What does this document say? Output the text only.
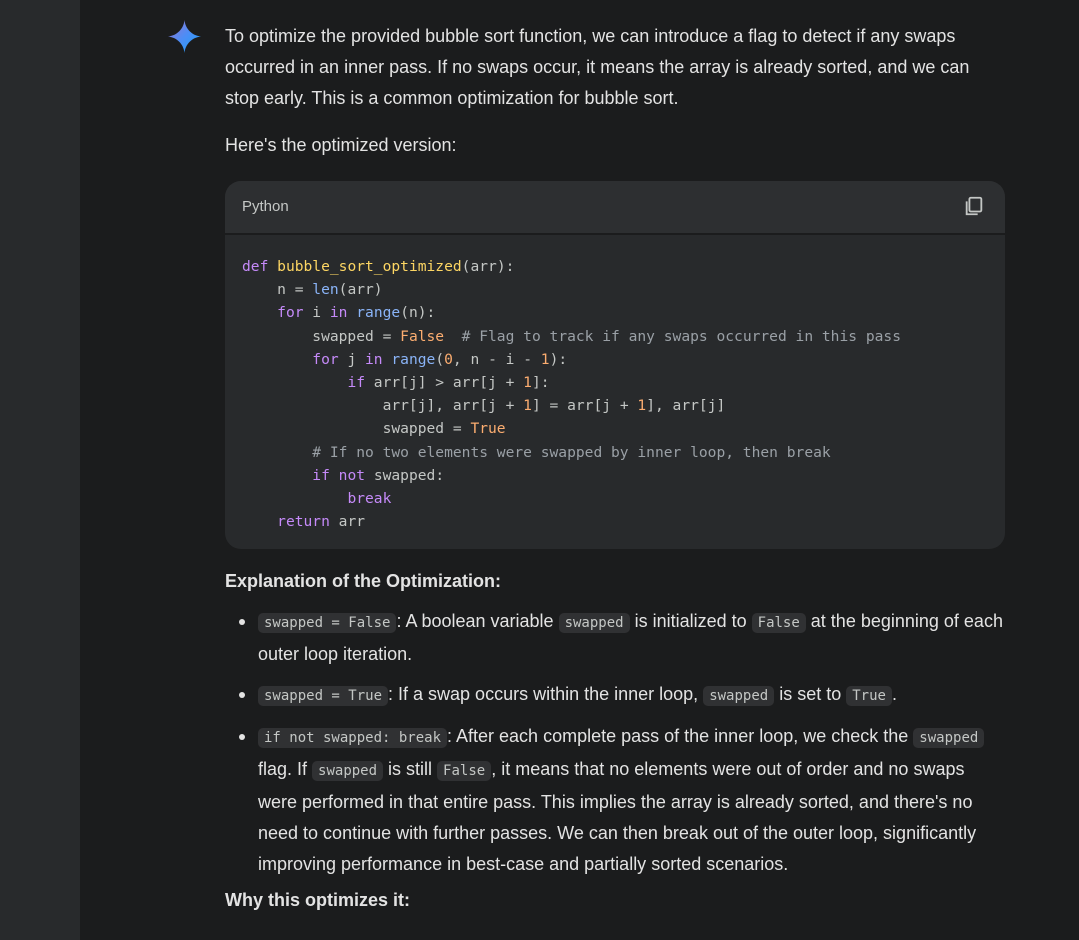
To optimize the provided bubble sort function, we can introduce a flag to detect if any swaps occurred in an inner pass. If no swaps occur, it means the array is already sorted, and we can stop early. This is a common optimization for bubble sort.

Here's the optimized version:

Python
def bubble_sort_optimized(arr):
n = len(arr)
for i in range(n):
swapped = False  # Flag to track if any swaps occurred in this pass
for j in range(0, n - i - 1):
if arr[j] > arr[j + 1]:
arr[j], arr[j + 1] = arr[j + 1], arr[j]
swapped = True
# If no two elements were swapped by inner loop, then break
if not swapped:
break
return arr

Explanation of the Optimization:

swapped = False : A boolean variable swapped is initialized to False at the beginning of each outer loop iteration.
swapped = True : If a swap occurs within the inner loop, swapped is set to True .
if not swapped: break : After each complete pass of the inner loop, we check the swapped flag. If swapped is still False , it means that no elements were out of order and no swaps were performed in that entire pass. This implies the array is already sorted, and there's no need to continue with further passes. We can then break out of the outer loop, significantly improving performance in best-case and partially sorted scenarios.

Why this optimizes it:
